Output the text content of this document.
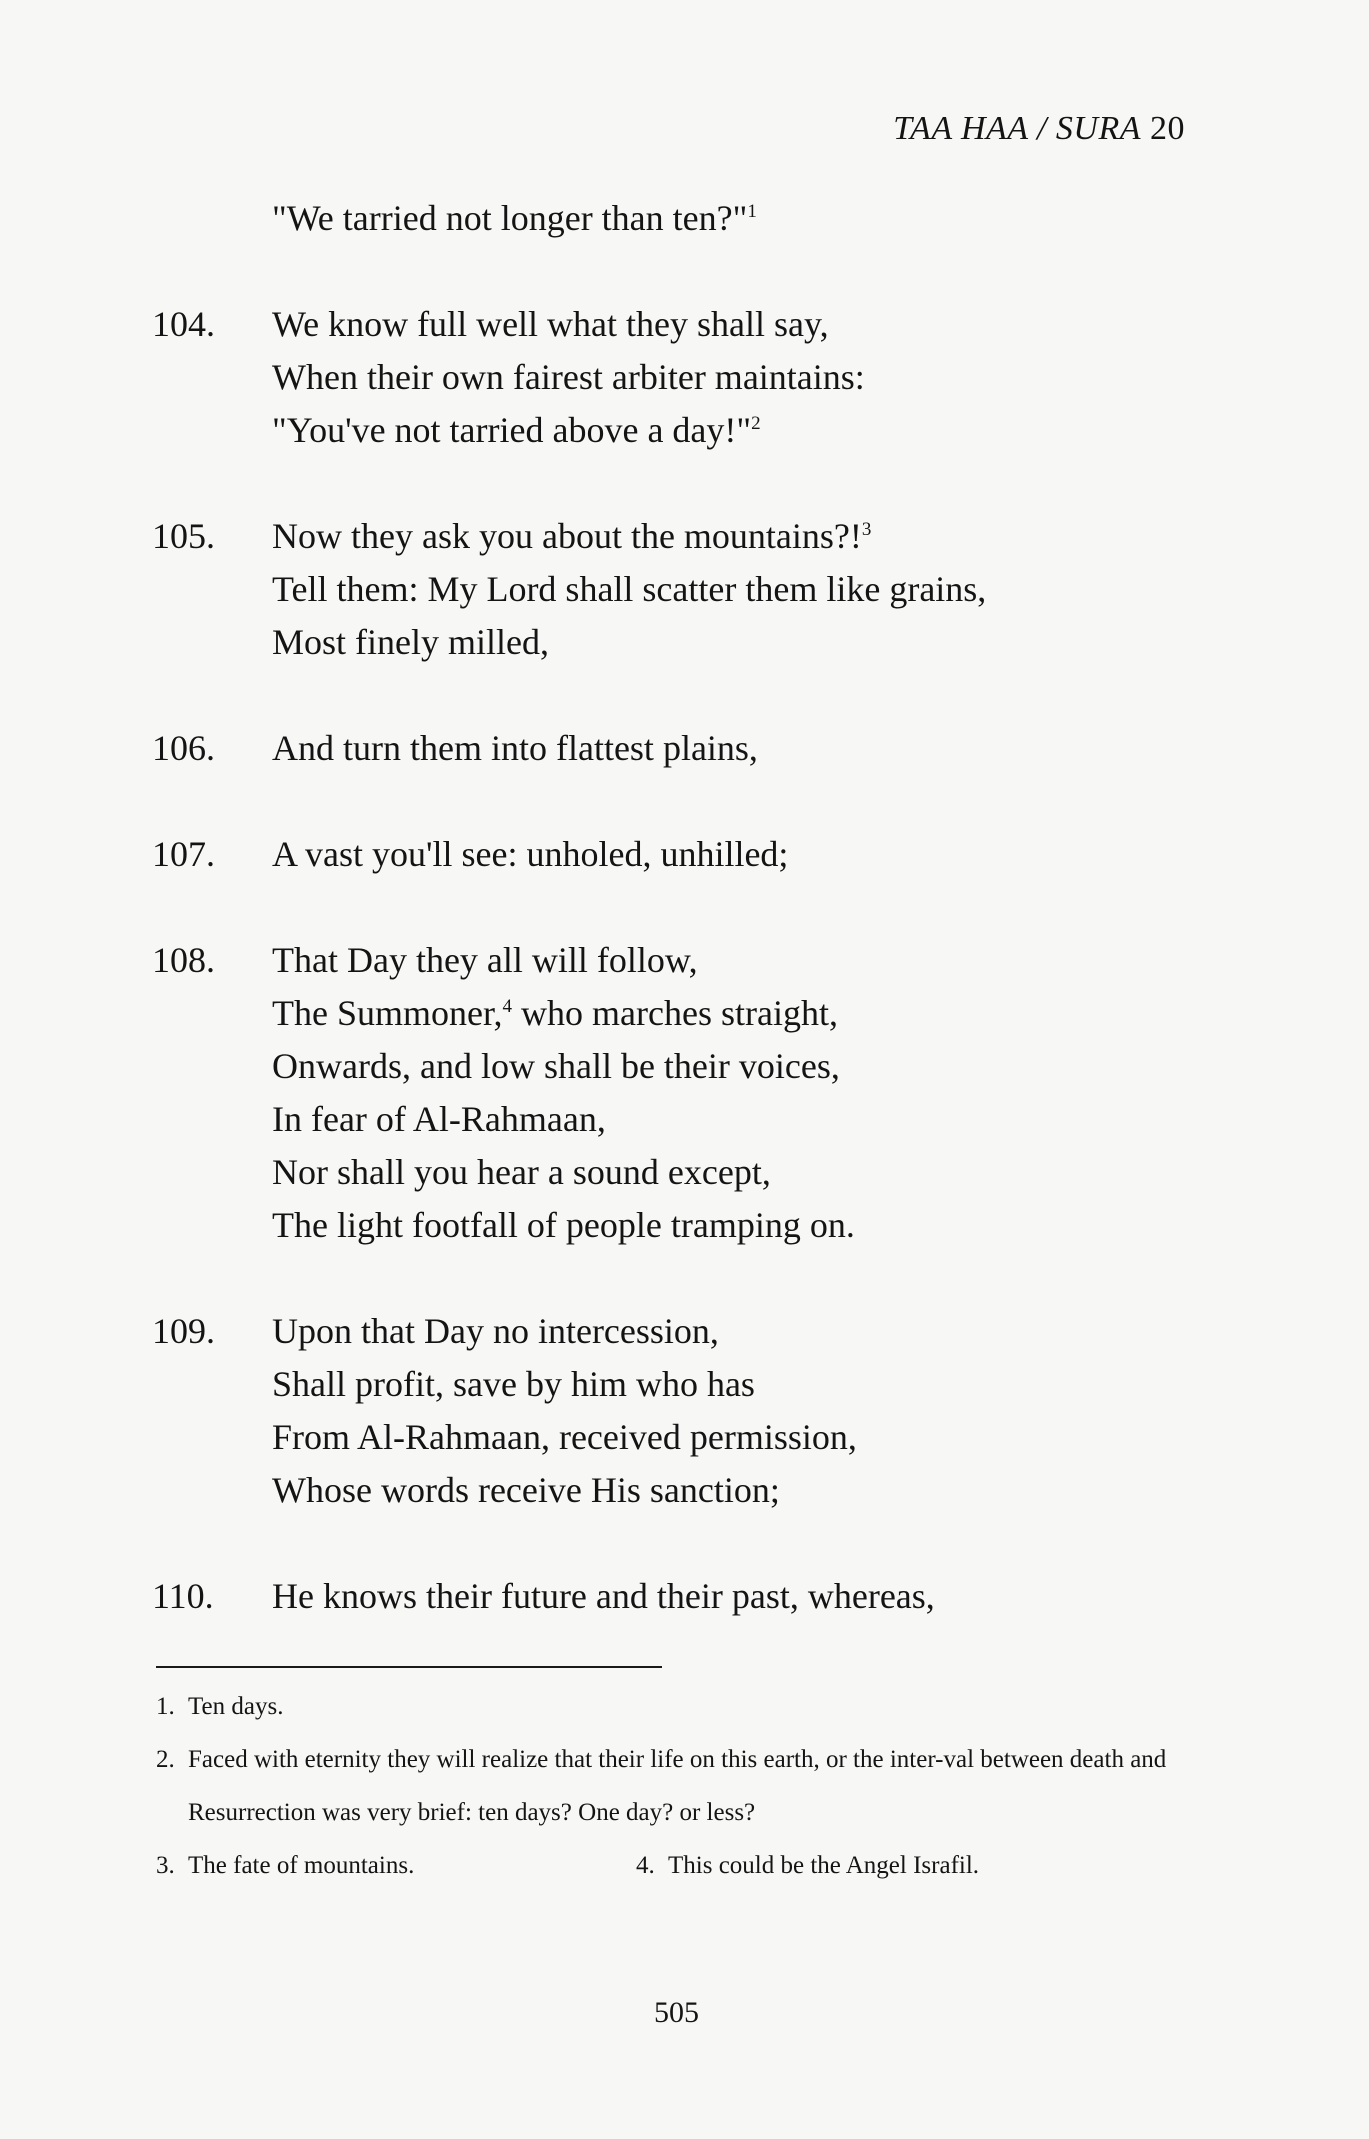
TAA HAA / SURA 20
"We tarried not longer than ten?"$^1$
104.	We know full well what they shall say,
When their own fairest arbiter maintains:
"You've not tarried above a day!"$^2$
105.	Now they ask you about the mountains?!$^3$
Tell them: My Lord shall scatter them like grains,
Most finely milled,
106.	And turn them into flattest plains,
107.	A vast you'll see: unholed, unhilled;
108.	That Day they all will follow,
The Summoner,$^4$ who marches straight,
Onwards, and low shall be their voices,
In fear of Al-Rahmaan,
Nor shall you hear a sound except,
The light footfall of people tramping on.
109.	Upon that Day no intercession,
Shall profit, save by him who has
From Al-Rahmaan, received permission,
Whose words receive His sanction;
110.	He knows their future and their past, whereas,
1. Ten days.
2. Faced with eternity they will realize that their life on this earth, or the inter-val between death and Resurrection was very brief: ten days? One day? or less?
3. The fate of mountains.	4. This could be the Angel Israfil.
505
